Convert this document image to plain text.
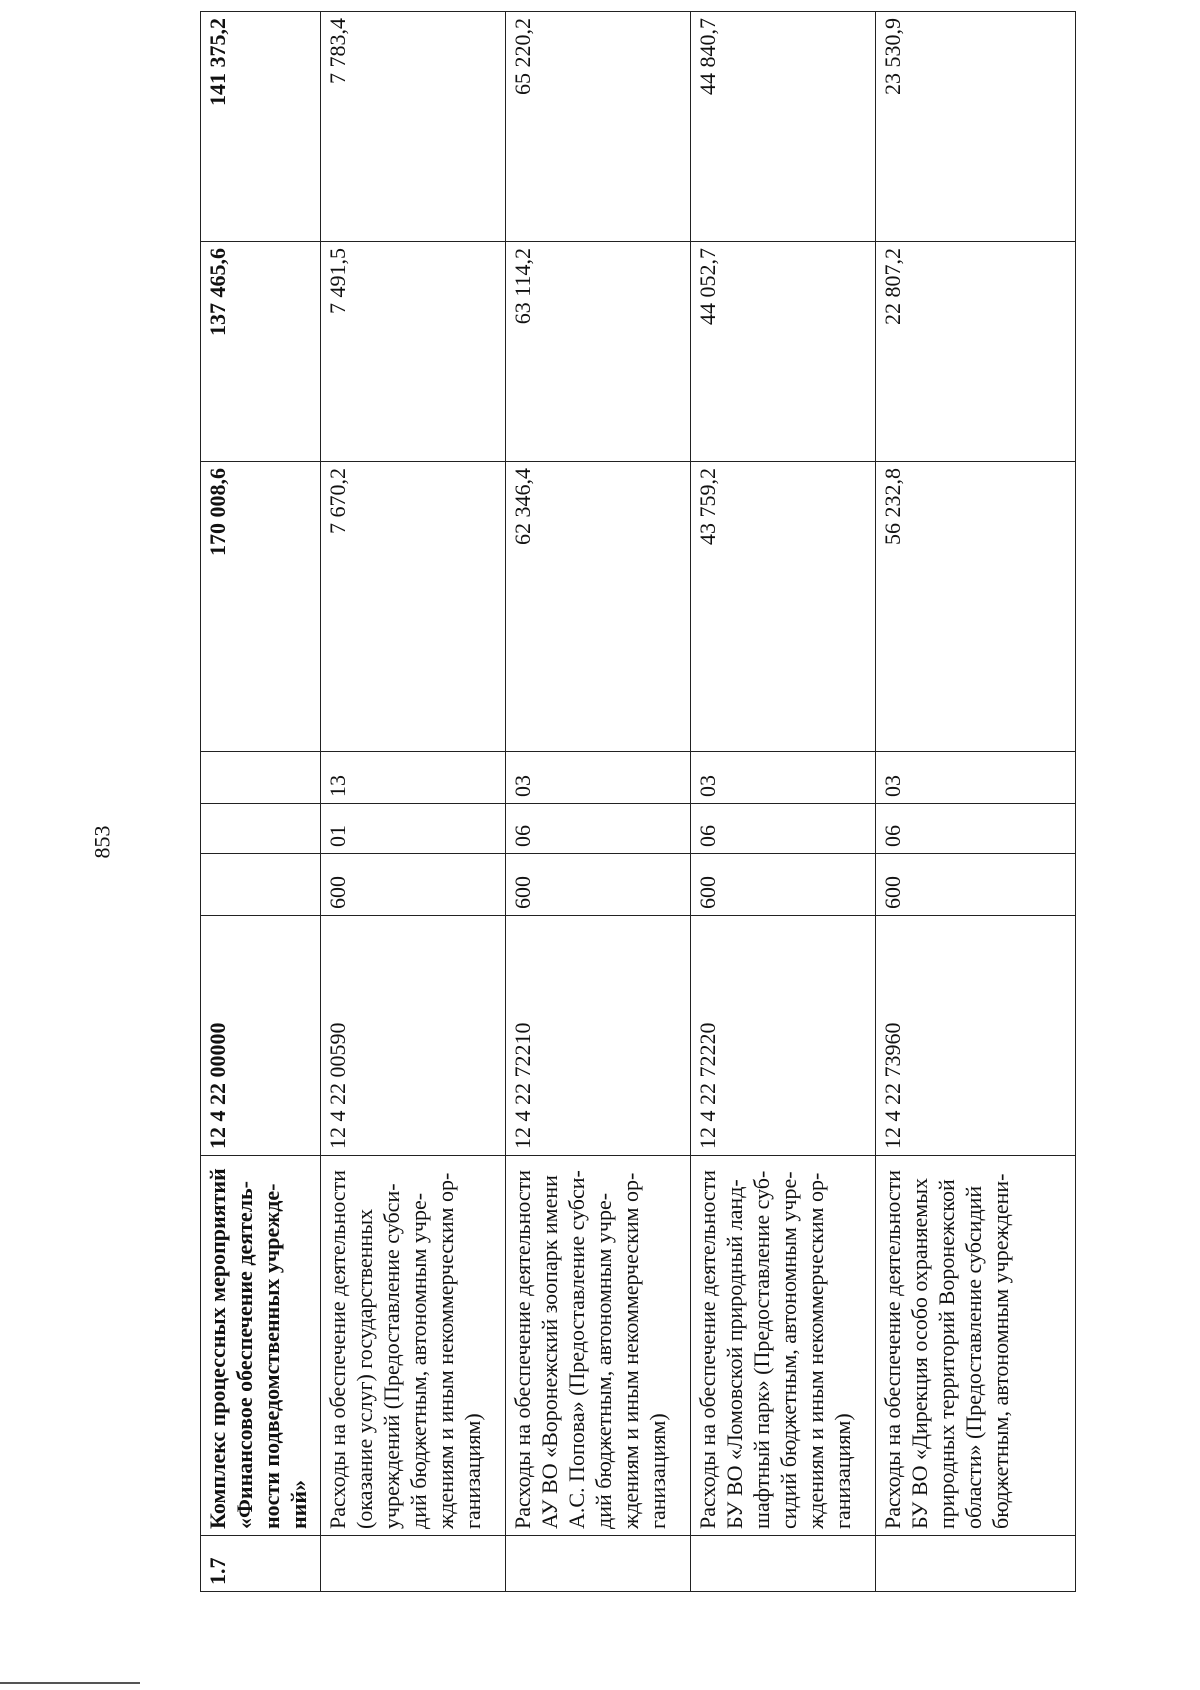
853
1.7	Комплекс процессных мероприятий «Финансовое обеспечение деятель-ности подведомственных учрежде-ний»	12 4 22 00000				170 008,6	137 465,6	141 375,2
	Расходы на обеспечение деятельности (оказание услуг) государственных учреждений (Предоставление субси-дий бюджетным, автономным учре-ждениям и иным некоммерческим ор-ганизациям)	12 4 22 00590	600	01	13	7 670,2	7 491,5	7 783,4
	Расходы на обеспечение деятельности АУ ВО «Воронежский зоопарк имени А.С. Попова» (Предоставление субси-дий бюджетным, автономным учре-ждениям и иным некоммерческим ор-ганизациям)	12 4 22 72210	600	06	03	62 346,4	63 114,2	65 220,2
	Расходы на обеспечение деятельности БУ ВО «Ломовской природный ланд-шафтный парк» (Предоставление суб-сидий бюджетным, автономным учре-ждениям и иным некоммерческим ор-ганизациям)	12 4 22 72220	600	06	03	43 759,2	44 052,7	44 840,7
	Расходы на обеспечение деятельности БУ ВО «Дирекция особо охраняемых природных территорий Воронежской области» (Предоставление субсидий бюджетным, автономным учреждени-	12 4 22 73960	600	06	03	56 232,8	22 807,2	23 530,9
